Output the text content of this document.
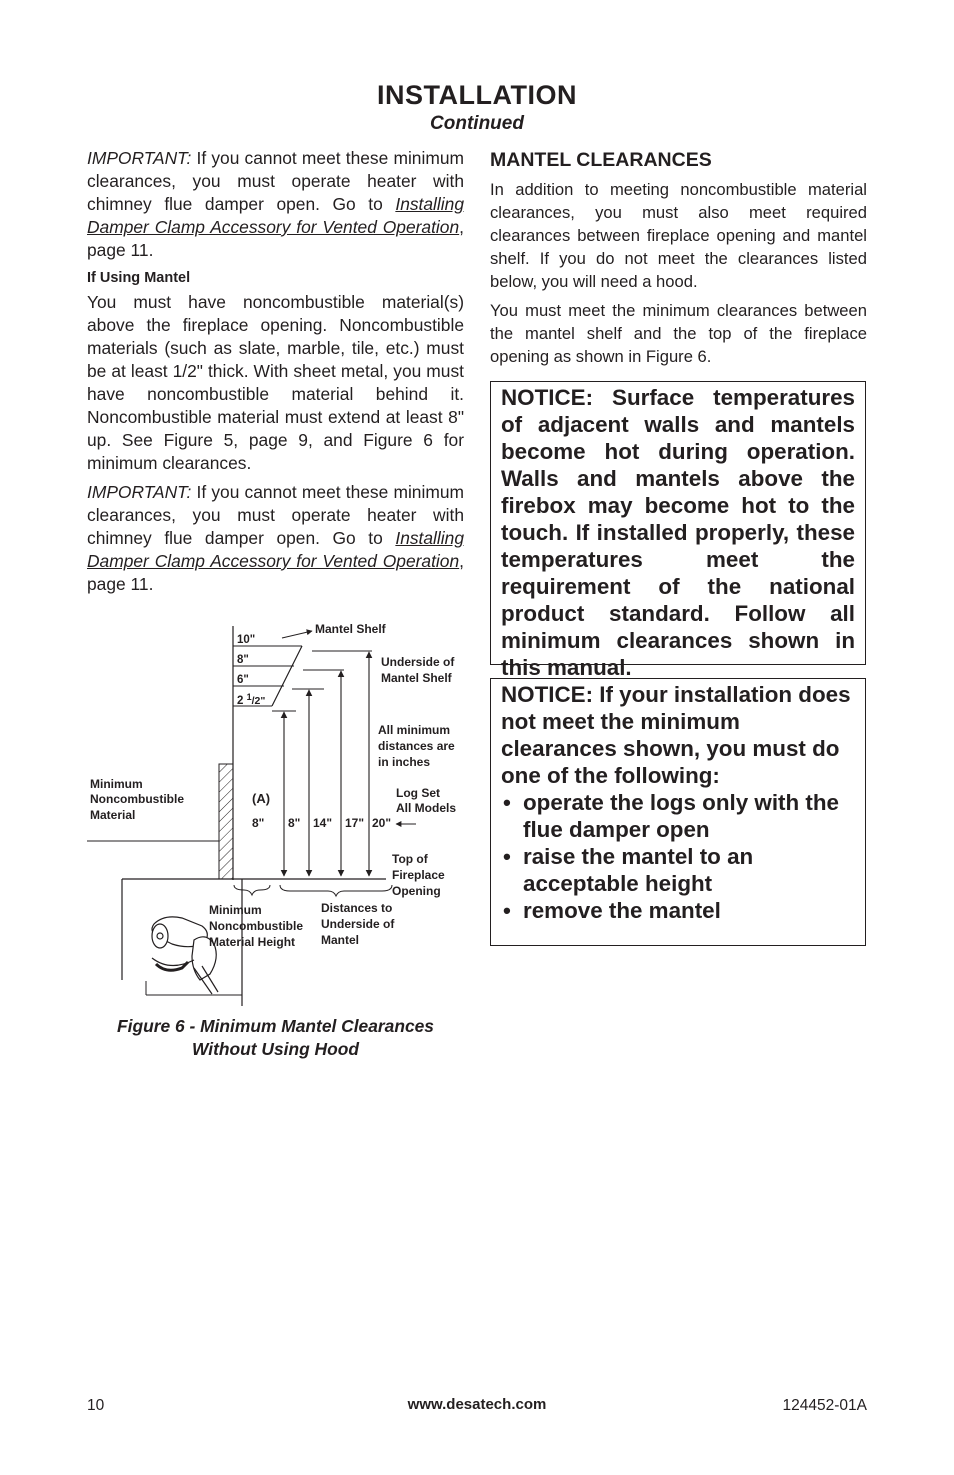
INSTALLATION
Continued

IMPORTANT: If you cannot meet these minimum clearances, you must operate heater with chimney flue damper open. Go to Installing Damper Clamp Accessory for Vented Operation, page 11.

If Using Mantel

You must have noncombustible material(s) above the fireplace opening. Noncombustible materials (such as slate, marble, tile, etc.) must be at least 1/2" thick. With sheet metal, you must have noncombustible material behind it. Noncombustible material must extend at least 8" up. See Figure 5, page 9, and Figure 6 for minimum clearances.

IMPORTANT: If you cannot meet these minimum clearances, you must operate heater with chimney flue damper open. Go to Installing Damper Clamp Accessory for Vented Operation, page 11.

MANTEL CLEARANCES

In addition to meeting noncombustible material clearances, you must also meet required clearances between fireplace opening and mantel shelf. If you do not meet the clearances listed below, you will need a hood.

You must meet the minimum clearances between the mantel shelf and the top of the fireplace opening as shown in Figure 6.

NOTICE: Surface temperatures of adjacent walls and mantels become hot during operation. Walls and mantels above the firebox may become hot to the touch. If installed properly, these temperatures meet the requirement of the national product standard. Follow all minimum clearances shown in this manual.

NOTICE: If your installation does not meet the minimum clearances shown, you must do one of the following:

• operate the logs only with the flue damper open
• raise the mantel to an acceptable height
• remove the mantel
10"
8"
6"
2 $^1$/2"
Mantel Shelf
Underside of
Mantel Shelf
All minimum
distances are
in inches
Log Set
All Models
Minimum
Noncombustible
Material
(A)
8" 8" 14" 17" 20"
Top of
Fireplace
Opening
Minimum
Noncombustible
Material Height
Distances to
Underside of
Mantel
Figure 6 - Minimum Mantel Clearances
Without Using Hood
10	www.desatech.com	124452-01A
